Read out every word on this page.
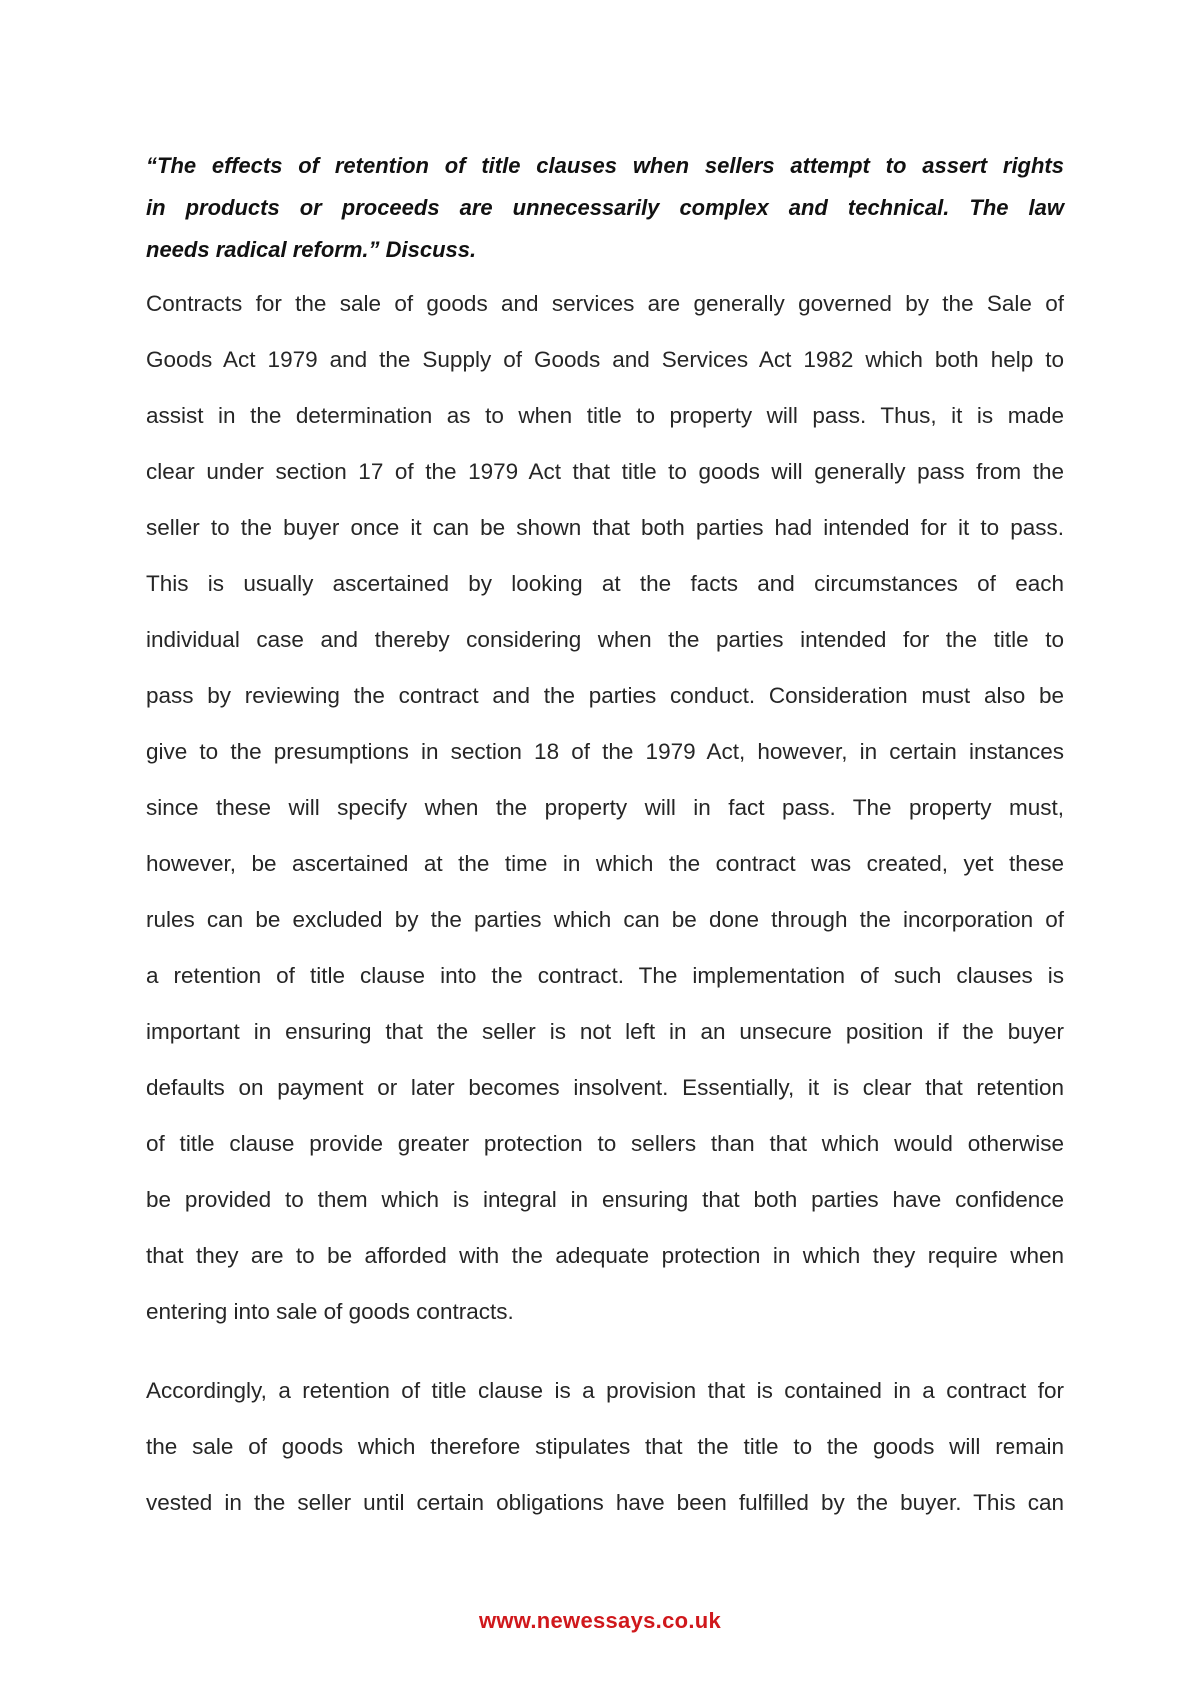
“The effects of retention of title clauses when sellers attempt to assert rights
in products or proceeds are unnecessarily complex and technical. The law
needs radical reform.” Discuss.
Contracts for the sale of goods and services are generally governed by the Sale of
Goods Act 1979 and the Supply of Goods and Services Act 1982 which both help to
assist in the determination as to when title to property will pass. Thus, it is made
clear under section 17 of the 1979 Act that title to goods will generally pass from the
seller to the buyer once it can be shown that both parties had intended for it to pass.
This is usually ascertained by looking at the facts and circumstances of each
individual case and thereby considering when the parties intended for the title to
pass by reviewing the contract and the parties conduct. Consideration must also be
give to the presumptions in section 18 of the 1979 Act, however, in certain instances
since these will specify when the property will in fact pass. The property must,
however, be ascertained at the time in which the contract was created, yet these
rules can be excluded by the parties which can be done through the incorporation of
a retention of title clause into the contract. The implementation of such clauses is
important in ensuring that the seller is not left in an unsecure position if the buyer
defaults on payment or later becomes insolvent. Essentially, it is clear that retention
of title clause provide greater protection to sellers than that which would otherwise
be provided to them which is integral in ensuring that both parties have confidence
that they are to be afforded with the adequate protection in which they require when
entering into sale of goods contracts.
Accordingly, a retention of title clause is a provision that is contained in a contract for
the sale of goods which therefore stipulates that the title to the goods will remain
vested in the seller until certain obligations have been fulfilled by the buyer. This can
www.newessays.co.uk
